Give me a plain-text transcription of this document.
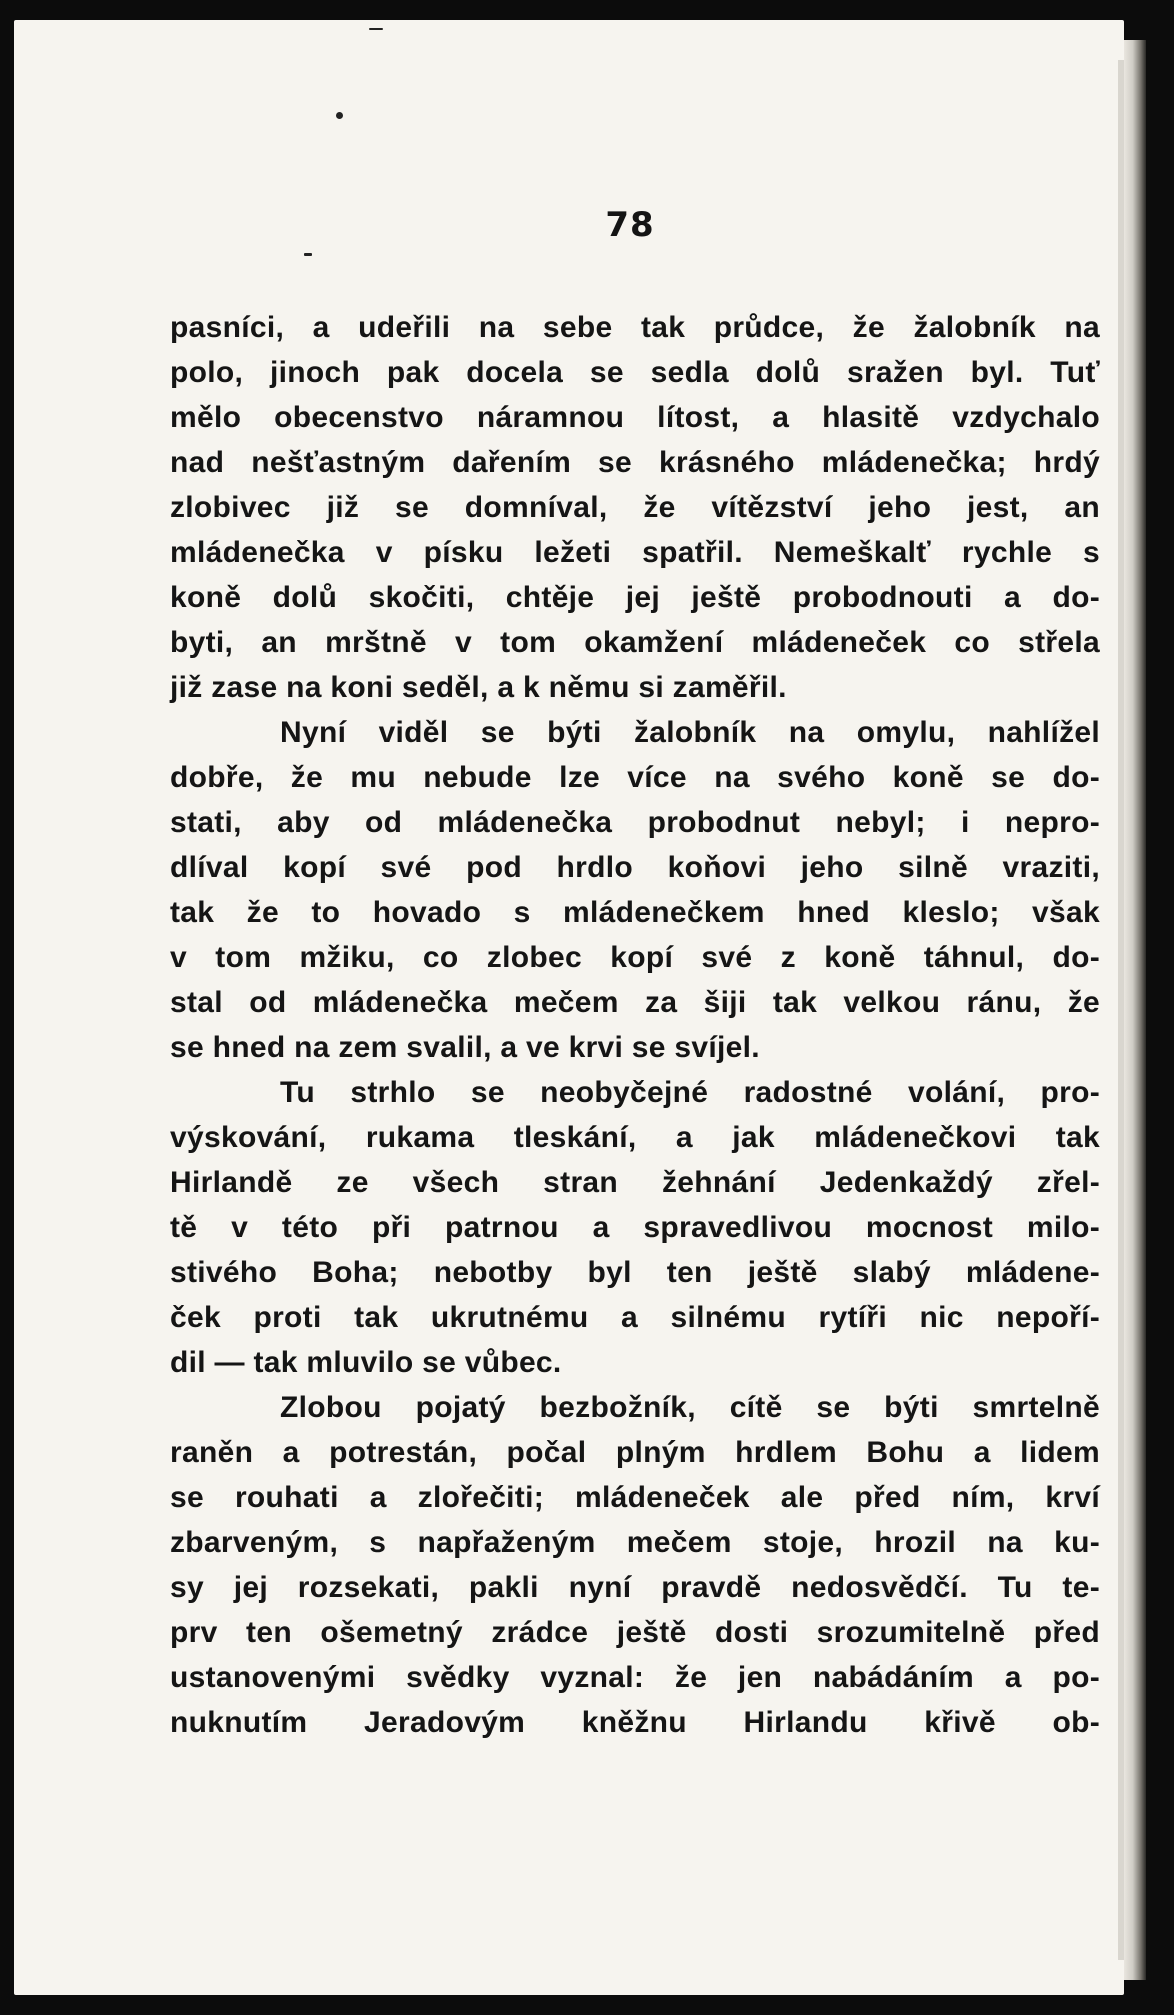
78
pasníci, a udeřili na sebe tak průdce, že žalobník na
polo, jinoch pak docela se sedla dolů sražen byl. Tuť
mělo obecenstvo náramnou lítost, a hlasitě vzdychalo
nad nešťastným dařením se krásného mládenečka; hrdý
zlobivec již se domníval, že vítězství jeho jest, an
mládenečka v písku ležeti spatřil. Nemeškalť rychle s
koně dolů skočiti, chtěje jej ještě probodnouti a do-
byti, an mrštně v tom okamžení mládeneček co střela
již zase na koni seděl, a k němu si zaměřil.
Nyní viděl se býti žalobník na omylu, nahlížel
dobře, že mu nebude lze více na svého koně se do-
stati, aby od mládenečka probodnut nebyl; i nepro-
dlíval kopí své pod hrdlo koňovi jeho silně vraziti,
tak že to hovado s mládenečkem hned kleslo; však
v tom mžiku, co zlobec kopí své z koně táhnul, do-
stal od mládenečka mečem za šiji tak velkou ránu, že
se hned na zem svalil, a ve krvi se svíjel.
Tu strhlo se neobyčejné radostné volání, pro-
výskování, rukama tleskání, a jak mládenečkovi tak
Hirlandě ze všech stran žehnání Jedenkaždý zřel-
tě v této při patrnou a spravedlivou mocnost milo-
stivého Boha; nebotby byl ten ještě slabý mládene-
ček proti tak ukrutnému a silnému rytíři nic nepoří-
dil — tak mluvilo se vůbec.
Zlobou pojatý bezbožník, cítě se býti smrtelně
raněn a potrestán, počal plným hrdlem Bohu a lidem
se rouhati a zlořečiti; mládeneček ale před ním, krví
zbarveným, s napřaženým mečem stoje, hrozil na ku-
sy jej rozsekati, pakli nyní pravdě nedosvědčí. Tu te-
prv ten ošemetný zrádce ještě dosti srozumitelně před
ustanovenými svědky vyznal: že jen nabádáním a po-
nuknutím Jeradovým kněžnu Hirlandu křivě ob-
